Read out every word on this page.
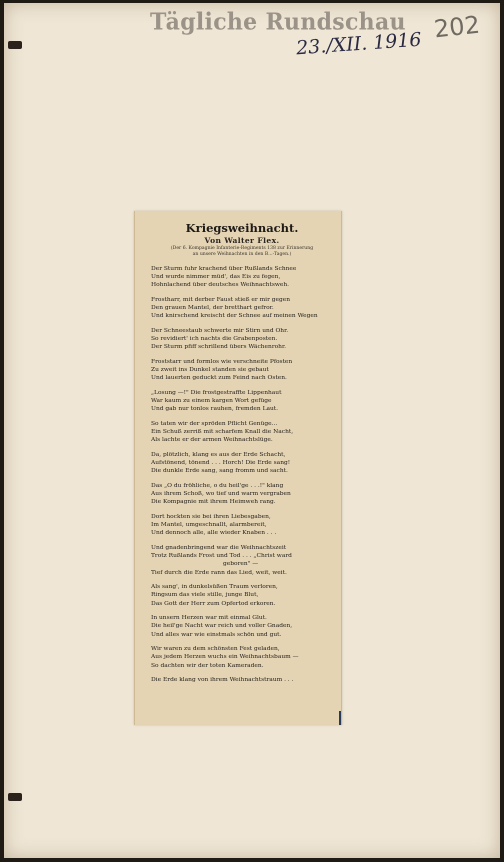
Tägliche Rundschau
23./XII. 1916
202
Kriegsweihnacht.
Von Walter Flex.
(Der 6. Kompagnie Infanterie-Regiments 138 zur Erinnerung
an unsere Weihnachten in den B...-Tagen.)
Der Sturm fuhr krachend über Rußlands Schnee
Und wurde nimmer müd', das Eis zu fegen,
Hohnlachend über deutsches Weihnachtsweh.
Frostharr, mit derber Faust stieß er mir gegen
Den grauen Mantel, der bretthart gefror.
Und knirschend kreischt der Schnee auf meinen Wegen
Der Schneestaub schwerte mir Stirn und Ohr.
So revidiert' ich nachts die Grabenposten.
Der Sturm pfiff schrillend übers Wächenrohr.
Froststarr und formlos wie verschneite Pfosten
Zu zweit ins Dunkel standen sie gebaut
Und lauerten geduckt zum Feind nach Osten.
„Losung —!" Die frostgestraffte Lippenhaut
War kaum zu einem kargen Wort gefüge
Und gab nur tonlos rauhen, fremden Laut.
So taten wir der spröden Pflicht Genüge...
Ein Schuß zerriß mit scharfem Knall die Nacht,
Als lachte er der armen Weihnachtslüge.
Da, plötzlich, klang es aus der Erde Schacht,
Aufstönend, tönend . . . Horch! Die Erde sang!
Die dunkle Erde sang, sang fromm und sacht.
Das „O du fröhliche, o du heil'ge . . .!" klang
Aus ihrem Schoß, wo tief und warm vergraben
Die Kompagnie mit ihrem Heimweh rang.
Dort hockten sie bei ihren Liebesgaben,
Im Mantel, umgeschnallt, alarmbereit,
Und dennoch alle, alle wieder Knaben . . .
Und gnadenbringend war die Weihnachtszeit
Trotz Rußlands Frost und Tod . . . „Christ ward
geboren" —
Tief durch die Erde rann das Lied, weit, weit.
Als sang', in dunkelsüßen Traum verloren,
Ringsum das viele stille, junge Blut,
Das Gott der Herr zum Opfertod erkoren.
In unsern Herzen war mit einmal Glut.
Die heil'ge Nacht war reich und voller Gnaden,
Und alles war wie einstmals schön und gut.
Wir waren zu dem schönsten Fest geladen,
Aus jedem Herzen wuchs ein Weihnachtsbaum —
So dachten wir der toten Kameraden.
Die Erde klang von ihrem Weihnachtstraum . . .
